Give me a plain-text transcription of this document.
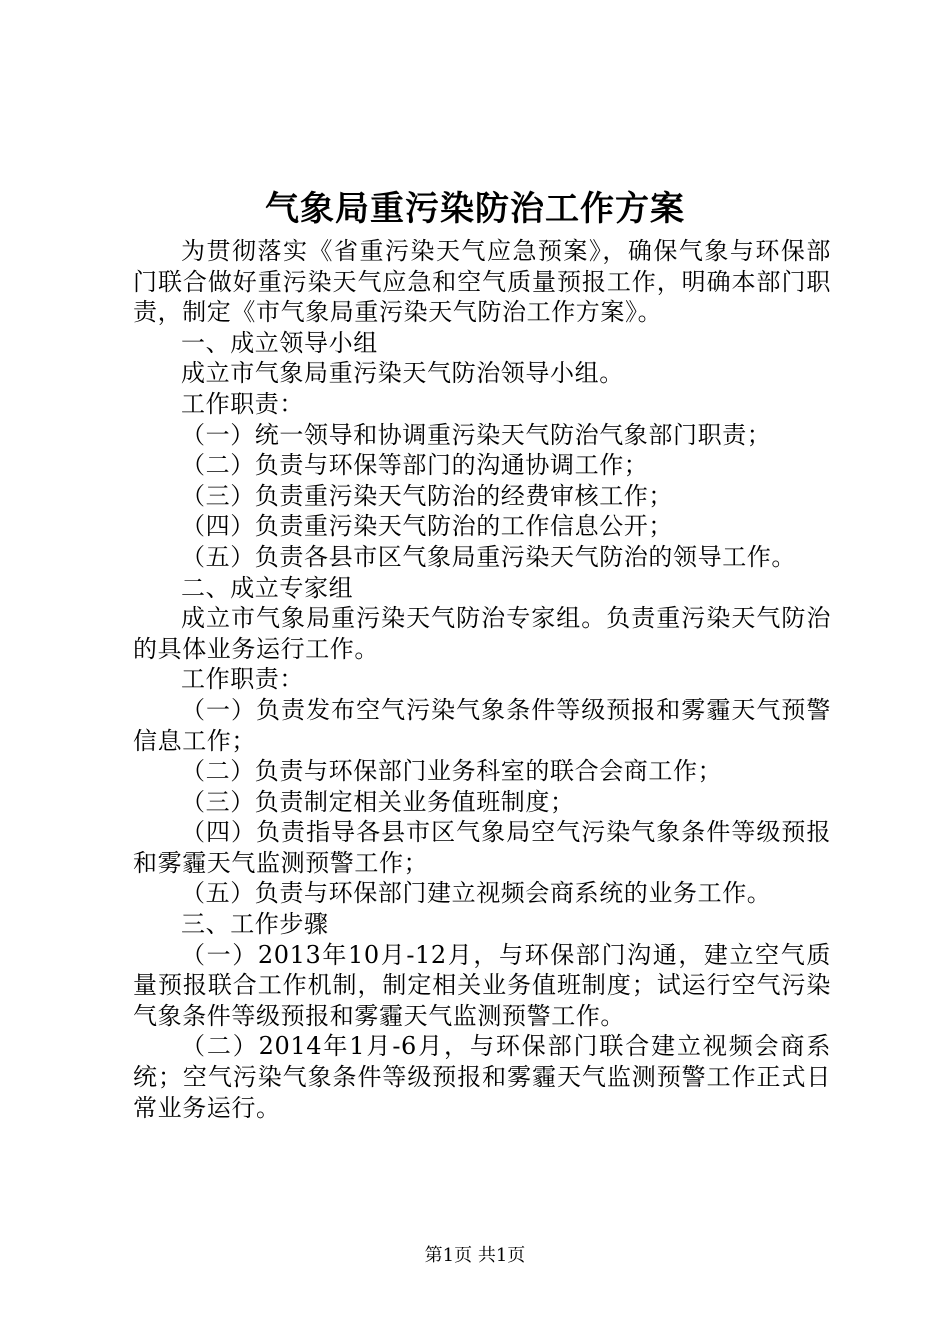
气象局重污染防治工作方案

为贯彻落实《省重污染天气应急预案》，确保气象与环保部门联合做好重污染天气应急和空气质量预报工作，明确本部门职责，制定《市气象局重污染天气防治工作方案》。

一、成立领导小组

成立市气象局重污染天气防治领导小组。

工作职责：

（一）统一领导和协调重污染天气防治气象部门职责；

（二）负责与环保等部门的沟通协调工作；

（三）负责重污染天气防治的经费审核工作；

（四）负责重污染天气防治的工作信息公开；

（五）负责各县市区气象局重污染天气防治的领导工作。

二、成立专家组

成立市气象局重污染天气防治专家组。负责重污染天气防治的具体业务运行工作。

工作职责：

（一）负责发布空气污染气象条件等级预报和雾霾天气预警信息工作；

（二）负责与环保部门业务科室的联合会商工作；

（三）负责制定相关业务值班制度；

（四）负责指导各县市区气象局空气污染气象条件等级预报和雾霾天气监测预警工作；

（五）负责与环保部门建立视频会商系统的业务工作。

三、工作步骤

（一）2013年10月-12月，与环保部门沟通，建立空气质量预报联合工作机制，制定相关业务值班制度；试运行空气污染气象条件等级预报和雾霾天气监测预警工作。

（二）2014年1月-6月，与环保部门联合建立视频会商系统；空气污染气象条件等级预报和雾霾天气监测预警工作正式日常业务运行。

第1页 共1页
